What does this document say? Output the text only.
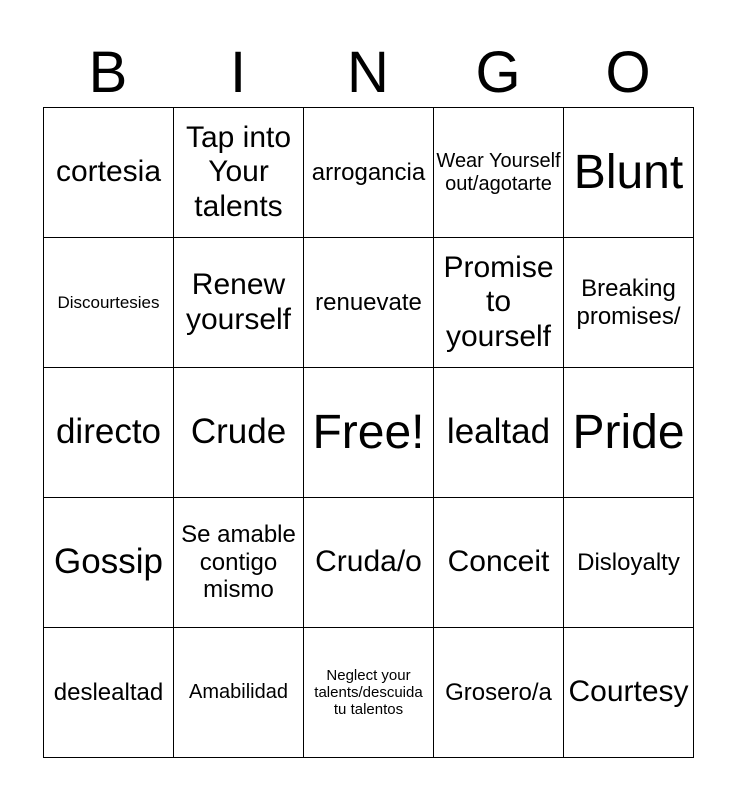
B	I	N	G	O
cortesia	Tap into Your talents	arrogancia	Wear Yourself out/agotarte	Blunt
Discourtesies	Renew yourself	renuevate	Promise to yourself	Breaking promises/
directo	Crude	Free!	lealtad	Pride
Gossip	Se amable contigo mismo	Cruda/o	Conceit	Disloyalty
deslealtad	Amabilidad	Neglect your talents/descuida tu talentos	Grosero/a	Courtesy
